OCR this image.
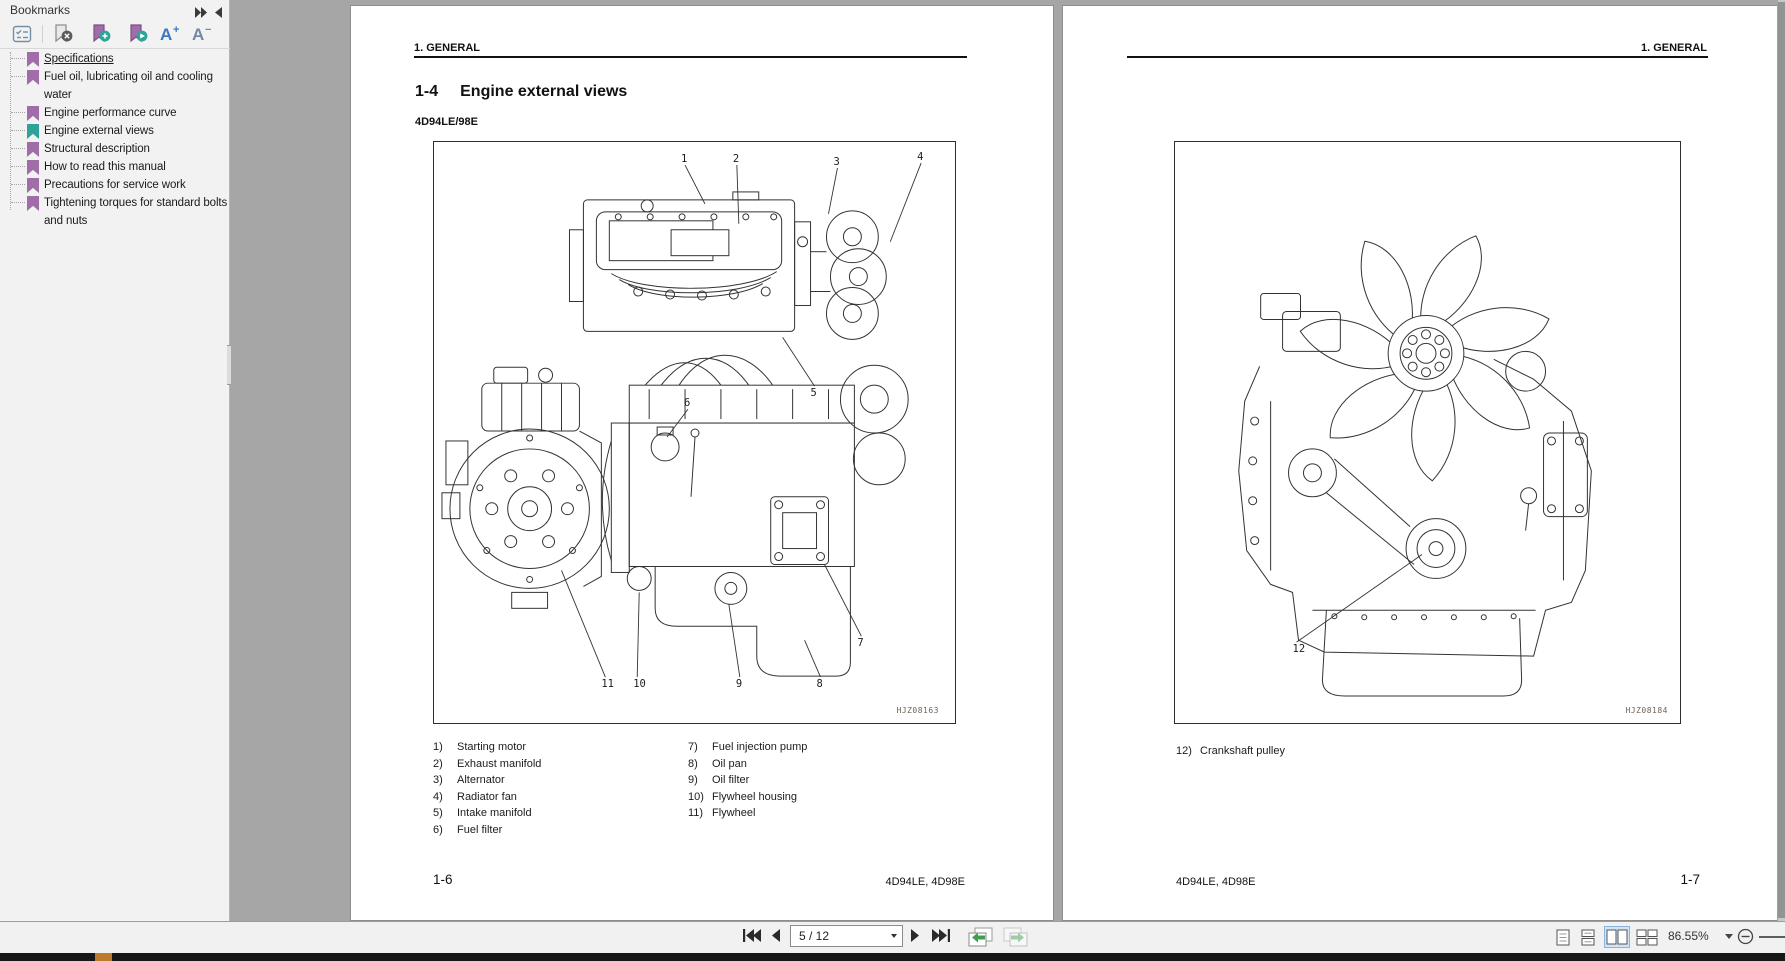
Bookmarks
A + A −
Specifications
Fuel oil, lubricating oil and cooling water
Engine performance curve
Engine external views
Structural description
How to read this manual
Precautions for service work
Tightening torques for standard bolts and nuts
1. GENERAL
1-4 Engine external views
4D94LE/98E
1	2	3	4
5
6
7
8
9
10
11
HJZ08163
1)	Starting motor
2)	Exhaust manifold
3)	Alternator
4)	Radiator fan
5)	Intake manifold
6)	Fuel filter
7)	Fuel injection pump
8)	Oil pan
9)	Oil filter
10) Flywheel housing
11) Flywheel
1-6	4D94LE, 4D98E
1. GENERAL
12
HJZ08184
12) Crankshaft pulley
4D94LE, 4D98E	1-7
5 / 12	86.55%
